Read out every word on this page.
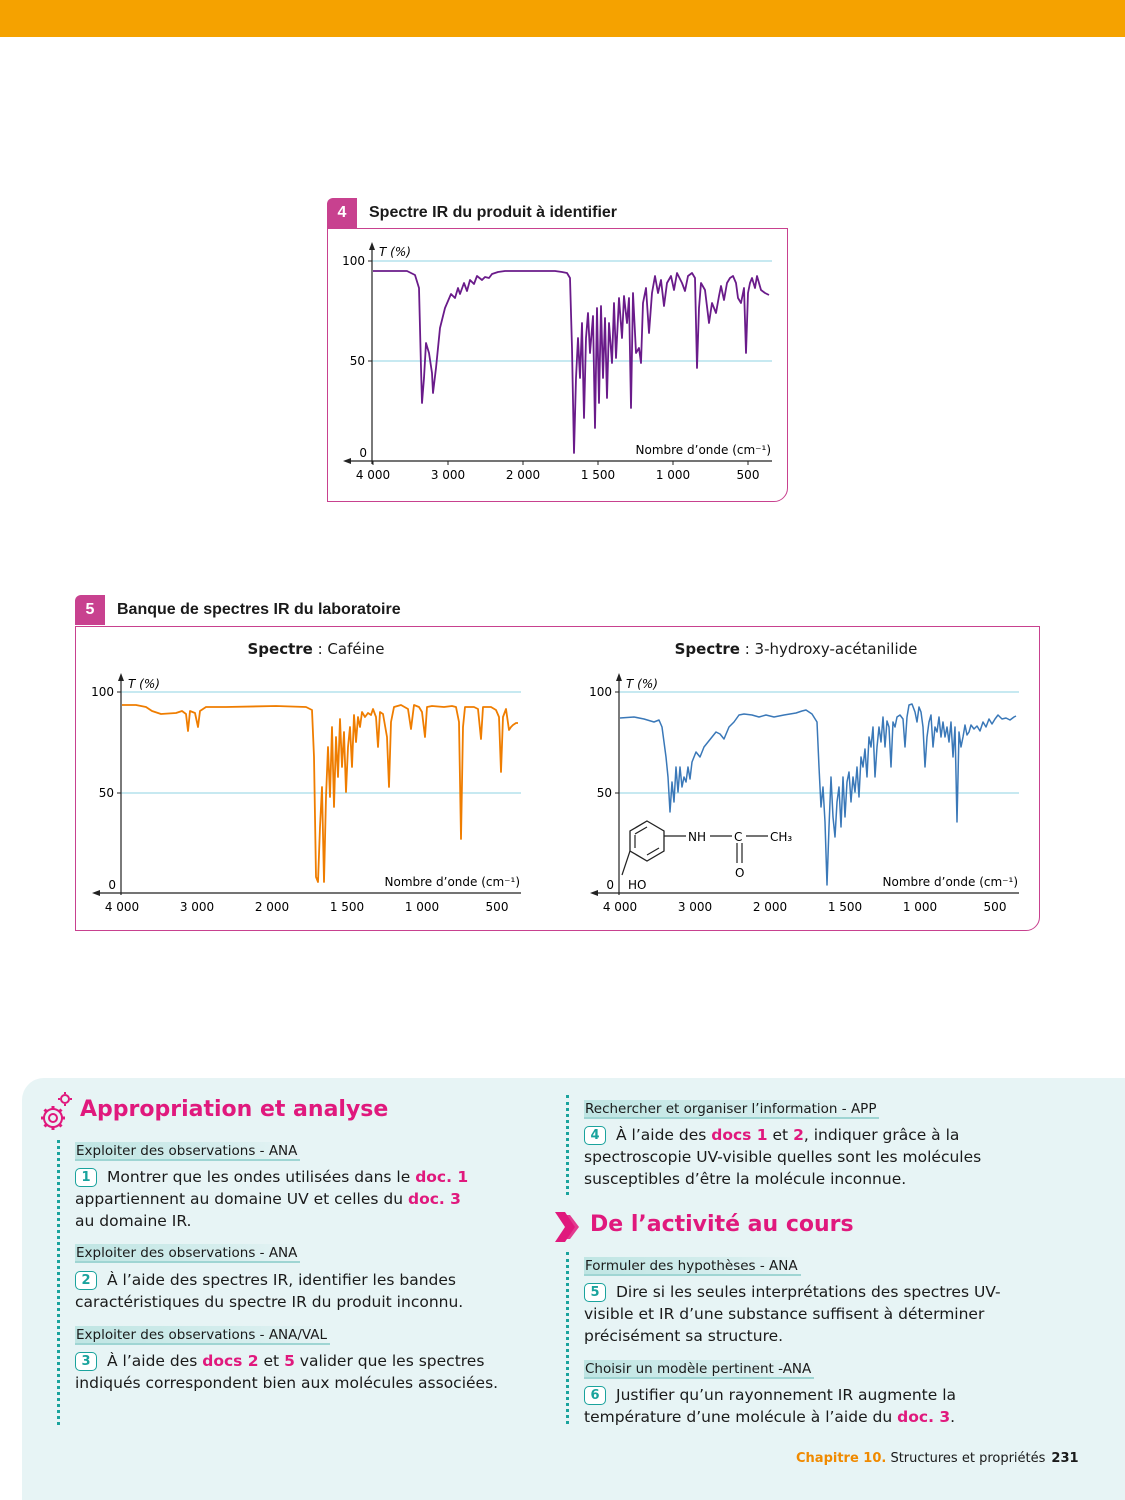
4	Spectre IR du produit à identifier
100
50
0
T (%)
Nombre d’onde (cm⁻¹)
4 000	3 000	2 000	1 500	1 000	500
5	Banque de spectres IR du laboratoire
Spectre : Caféine	Spectre : 3-hydroxy-acétanilide
100
50
0
T (%)
Nombre d’onde (cm⁻¹)
4 000	3 000	2 000	1 500	1 000	500
100
50
0
T (%)
Nombre d’onde (cm⁻¹)
4 000	3 000	2 000	1 500	1 000	500
NH C CH₃
O
HO
Appropriation et analyse
Exploiter des observations - ANA
1 Montrer que les ondes utilisées dans le doc. 1 appartiennent au domaine UV et celles du doc. 3 au domaine IR.
Exploiter des observations - ANA
2 À l’aide des spectres IR, identifier les bandes caractéristiques du spectre IR du produit inconnu.
Exploiter des observations - ANA/VAL
3 À l’aide des docs 2 et 5 valider que les spectres indiqués correspondent bien aux molécules associées.
Rechercher et organiser l’information - APP
4 À l’aide des docs 1 et 2, indiquer grâce à la spectroscopie UV-visible quelles sont les molécules susceptibles d’être la molécule inconnue.
De l’activité au cours
Formuler des hypothèses - ANA
5 Dire si les seules interprétations des spectres UV-visible et IR d’une substance suffisent à déterminer précisément sa structure.
Choisir un modèle pertinent -ANA
6 Justifier qu’un rayonnement IR augmente la température d’une molécule à l’aide du doc. 3.
Chapitre 10. Structures et propriétés 231
